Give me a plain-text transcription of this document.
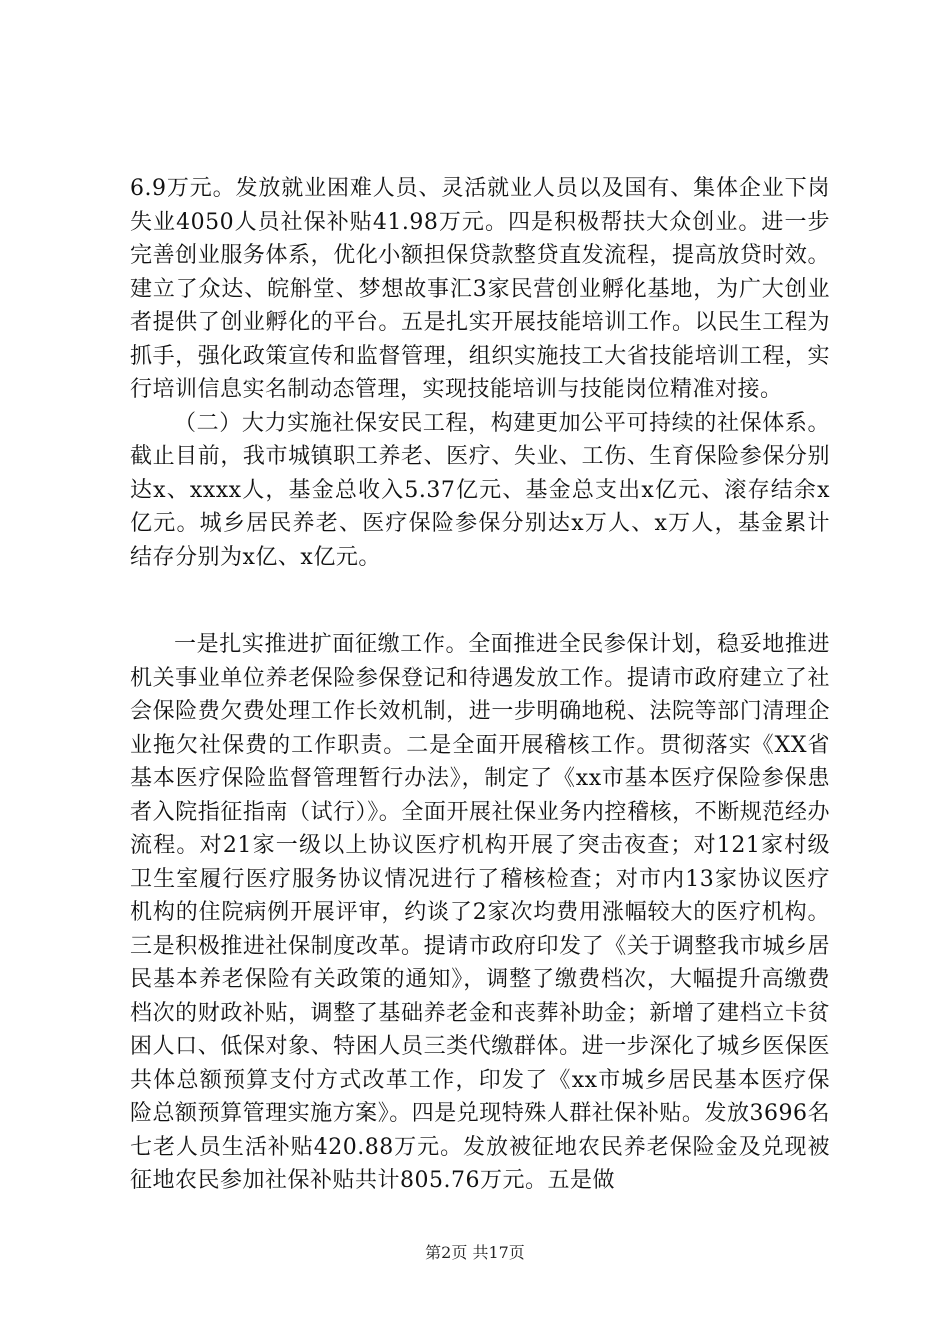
6.9万元。发放就业困难人员、灵活就业人员以及国有、集体企业下岗失业4050人员社保补贴41.98万元。四是积极帮扶大众创业。进一步完善创业服务体系，优化小额担保贷款整贷直发流程，提高放贷时效。建立了众达、皖斛堂、梦想故事汇3家民营创业孵化基地，为广大创业者提供了创业孵化的平台。五是扎实开展技能培训工作。以民生工程为抓手，强化政策宣传和监督管理，组织实施技工大省技能培训工程，实行培训信息实名制动态管理，实现技能培训与技能岗位精准对接。

（二）大力实施社保安民工程，构建更加公平可持续的社保体系。截止目前，我市城镇职工养老、医疗、失业、工伤、生育保险参保分别达x、xxxx人，基金总收入5.37亿元、基金总支出x亿元、滚存结余x亿元。城乡居民养老、医疗保险参保分别达x万人、x万人，基金累计结存分别为x亿、x亿元。

一是扎实推进扩面征缴工作。全面推进全民参保计划，稳妥地推进机关事业单位养老保险参保登记和待遇发放工作。提请市政府建立了社会保险费欠费处理工作长效机制，进一步明确地税、法院等部门清理企业拖欠社保费的工作职责。二是全面开展稽核工作。贯彻落实《XX省基本医疗保险监督管理暂行办法》，制定了《xx市基本医疗保险参保患者入院指征指南（试行）》。全面开展社保业务内控稽核，不断规范经办流程。对21家一级以上协议医疗机构开展了突击夜查；对121家村级卫生室履行医疗服务协议情况进行了稽核检查；对市内13家协议医疗机构的住院病例开展评审，约谈了2家次均费用涨幅较大的医疗机构。三是积极推进社保制度改革。提请市政府印发了《关于调整我市城乡居民基本养老保险有关政策的通知》，调整了缴费档次，大幅提升高缴费档次的财政补贴，调整了基础养老金和丧葬补助金；新增了建档立卡贫困人口、低保对象、特困人员三类代缴群体。进一步深化了城乡医保医共体总额预算支付方式改革工作，印发了《xx市城乡居民基本医疗保险总额预算管理实施方案》。四是兑现特殊人群社保补贴。发放3696名七老人员生活补贴420.88万元。发放被征地农民养老保险金及兑现被征地农民参加社保补贴共计805.76万元。五是做

第2页 共17页
